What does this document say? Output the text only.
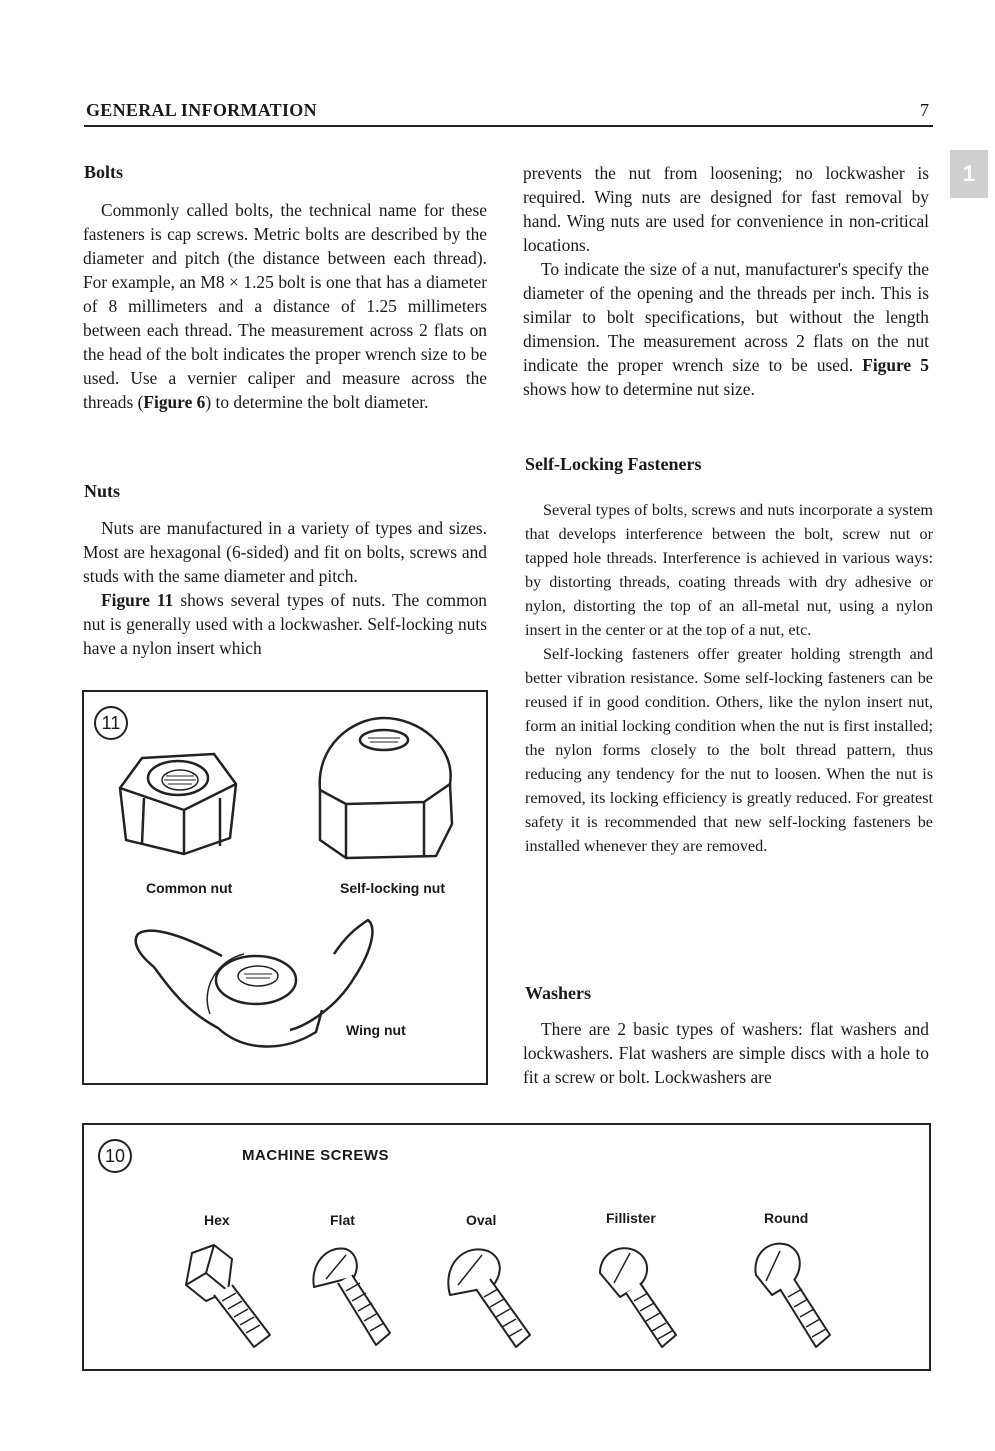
GENERAL INFORMATION	7
1
Bolts

Commonly called bolts, the technical name for these fasteners is cap screws. Metric bolts are described by the diameter and pitch (the distance between each thread). For example, an M8 × 1.25 bolt is one that has a diameter of 8 millimeters and a distance of 1.25 millimeters between each thread. The measurement across 2 flats on the head of the bolt indicates the proper wrench size to be used. Use a vernier caliper and measure across the threads (Figure 6) to determine the bolt diameter.

Nuts

Nuts are manufactured in a variety of types and sizes. Most are hexagonal (6-sided) and fit on bolts, screws and studs with the same diameter and pitch.

Figure 11 shows several types of nuts. The common nut is generally used with a lockwasher. Self-locking nuts have a nylon insert which

11
Common nut	Self-locking nut
Wing nut

prevents the nut from loosening; no lockwasher is required. Wing nuts are designed for fast removal by hand. Wing nuts are used for convenience in non-critical locations.

To indicate the size of a nut, manufacturer's specify the diameter of the opening and the threads per inch. This is similar to bolt specifications, but without the length dimension. The measurement across 2 flats on the nut indicate the proper wrench size to be used. Figure 5 shows how to determine nut size.

Self-Locking Fasteners

Several types of bolts, screws and nuts incorporate a system that develops interference between the bolt, screw nut or tapped hole threads. Interference is achieved in various ways: by distorting threads, coating threads with dry adhesive or nylon, distorting the top of an all-metal nut, using a nylon insert in the center or at the top of a nut, etc.

Self-locking fasteners offer greater holding strength and better vibration resistance. Some self-locking fasteners can be reused if in good condition. Others, like the nylon insert nut, form an initial locking condition when the nut is first installed; the nylon forms closely to the bolt thread pattern, thus reducing any tendency for the nut to loosen. When the nut is removed, its locking efficiency is greatly reduced. For greatest safety it is recommended that new self-locking fasteners be installed whenever they are removed.

Washers

There are 2 basic types of washers: flat washers and lockwashers. Flat washers are simple discs with a hole to fit a screw or bolt. Lockwashers are

10	MACHINE SCREWS
Hex	Flat	Oval	Fillister	Round
